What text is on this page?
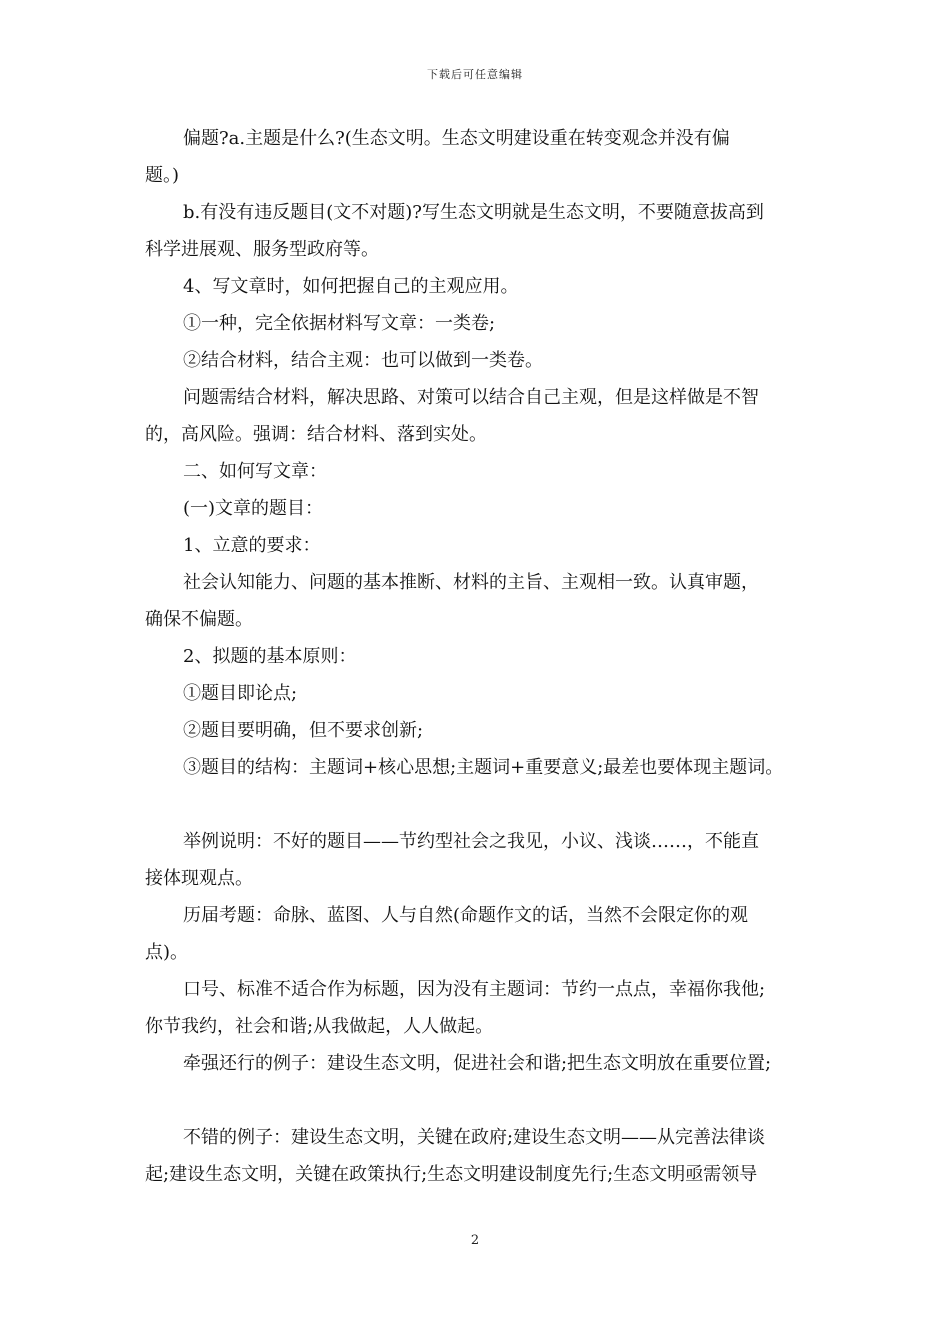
下载后可任意编辑

偏题?a.主题是什么?(生态文明。生态文明建设重在转变观念并没有偏

题。)

b.有没有违反题目(文不对题)?写生态文明就是生态文明，不要随意拔高到

科学进展观、服务型政府等。

4、写文章时，如何把握自己的主观应用。

①一种，完全依据材料写文章：一类卷;

②结合材料，结合主观：也可以做到一类卷。

问题需结合材料，解决思路、对策可以结合自己主观，但是这样做是不智

的，高风险。强调：结合材料、落到实处。

二、如何写文章：

(一)文章的题目：

1、立意的要求：

社会认知能力、问题的基本推断、材料的主旨、主观相一致。认真审题，

确保不偏题。

2、拟题的基本原则：

①题目即论点;

②题目要明确，但不要求创新;

③题目的结构：主题词+核心思想;主题词+重要意义;最差也要体现主题词。

举例说明：不好的题目——节约型社会之我见，小议、浅谈……，不能直

接体现观点。

历届考题：命脉、蓝图、人与自然(命题作文的话，当然不会限定你的观

点)。

口号、标准不适合作为标题，因为没有主题词：节约一点点，幸福你我他;

你节我约，社会和谐;从我做起，人人做起。

牵强还行的例子：建设生态文明，促进社会和谐;把生态文明放在重要位置;

不错的例子：建设生态文明，关键在政府;建设生态文明——从完善法律谈

起;建设生态文明，关键在政策执行;生态文明建设制度先行;生态文明亟需领导

2
